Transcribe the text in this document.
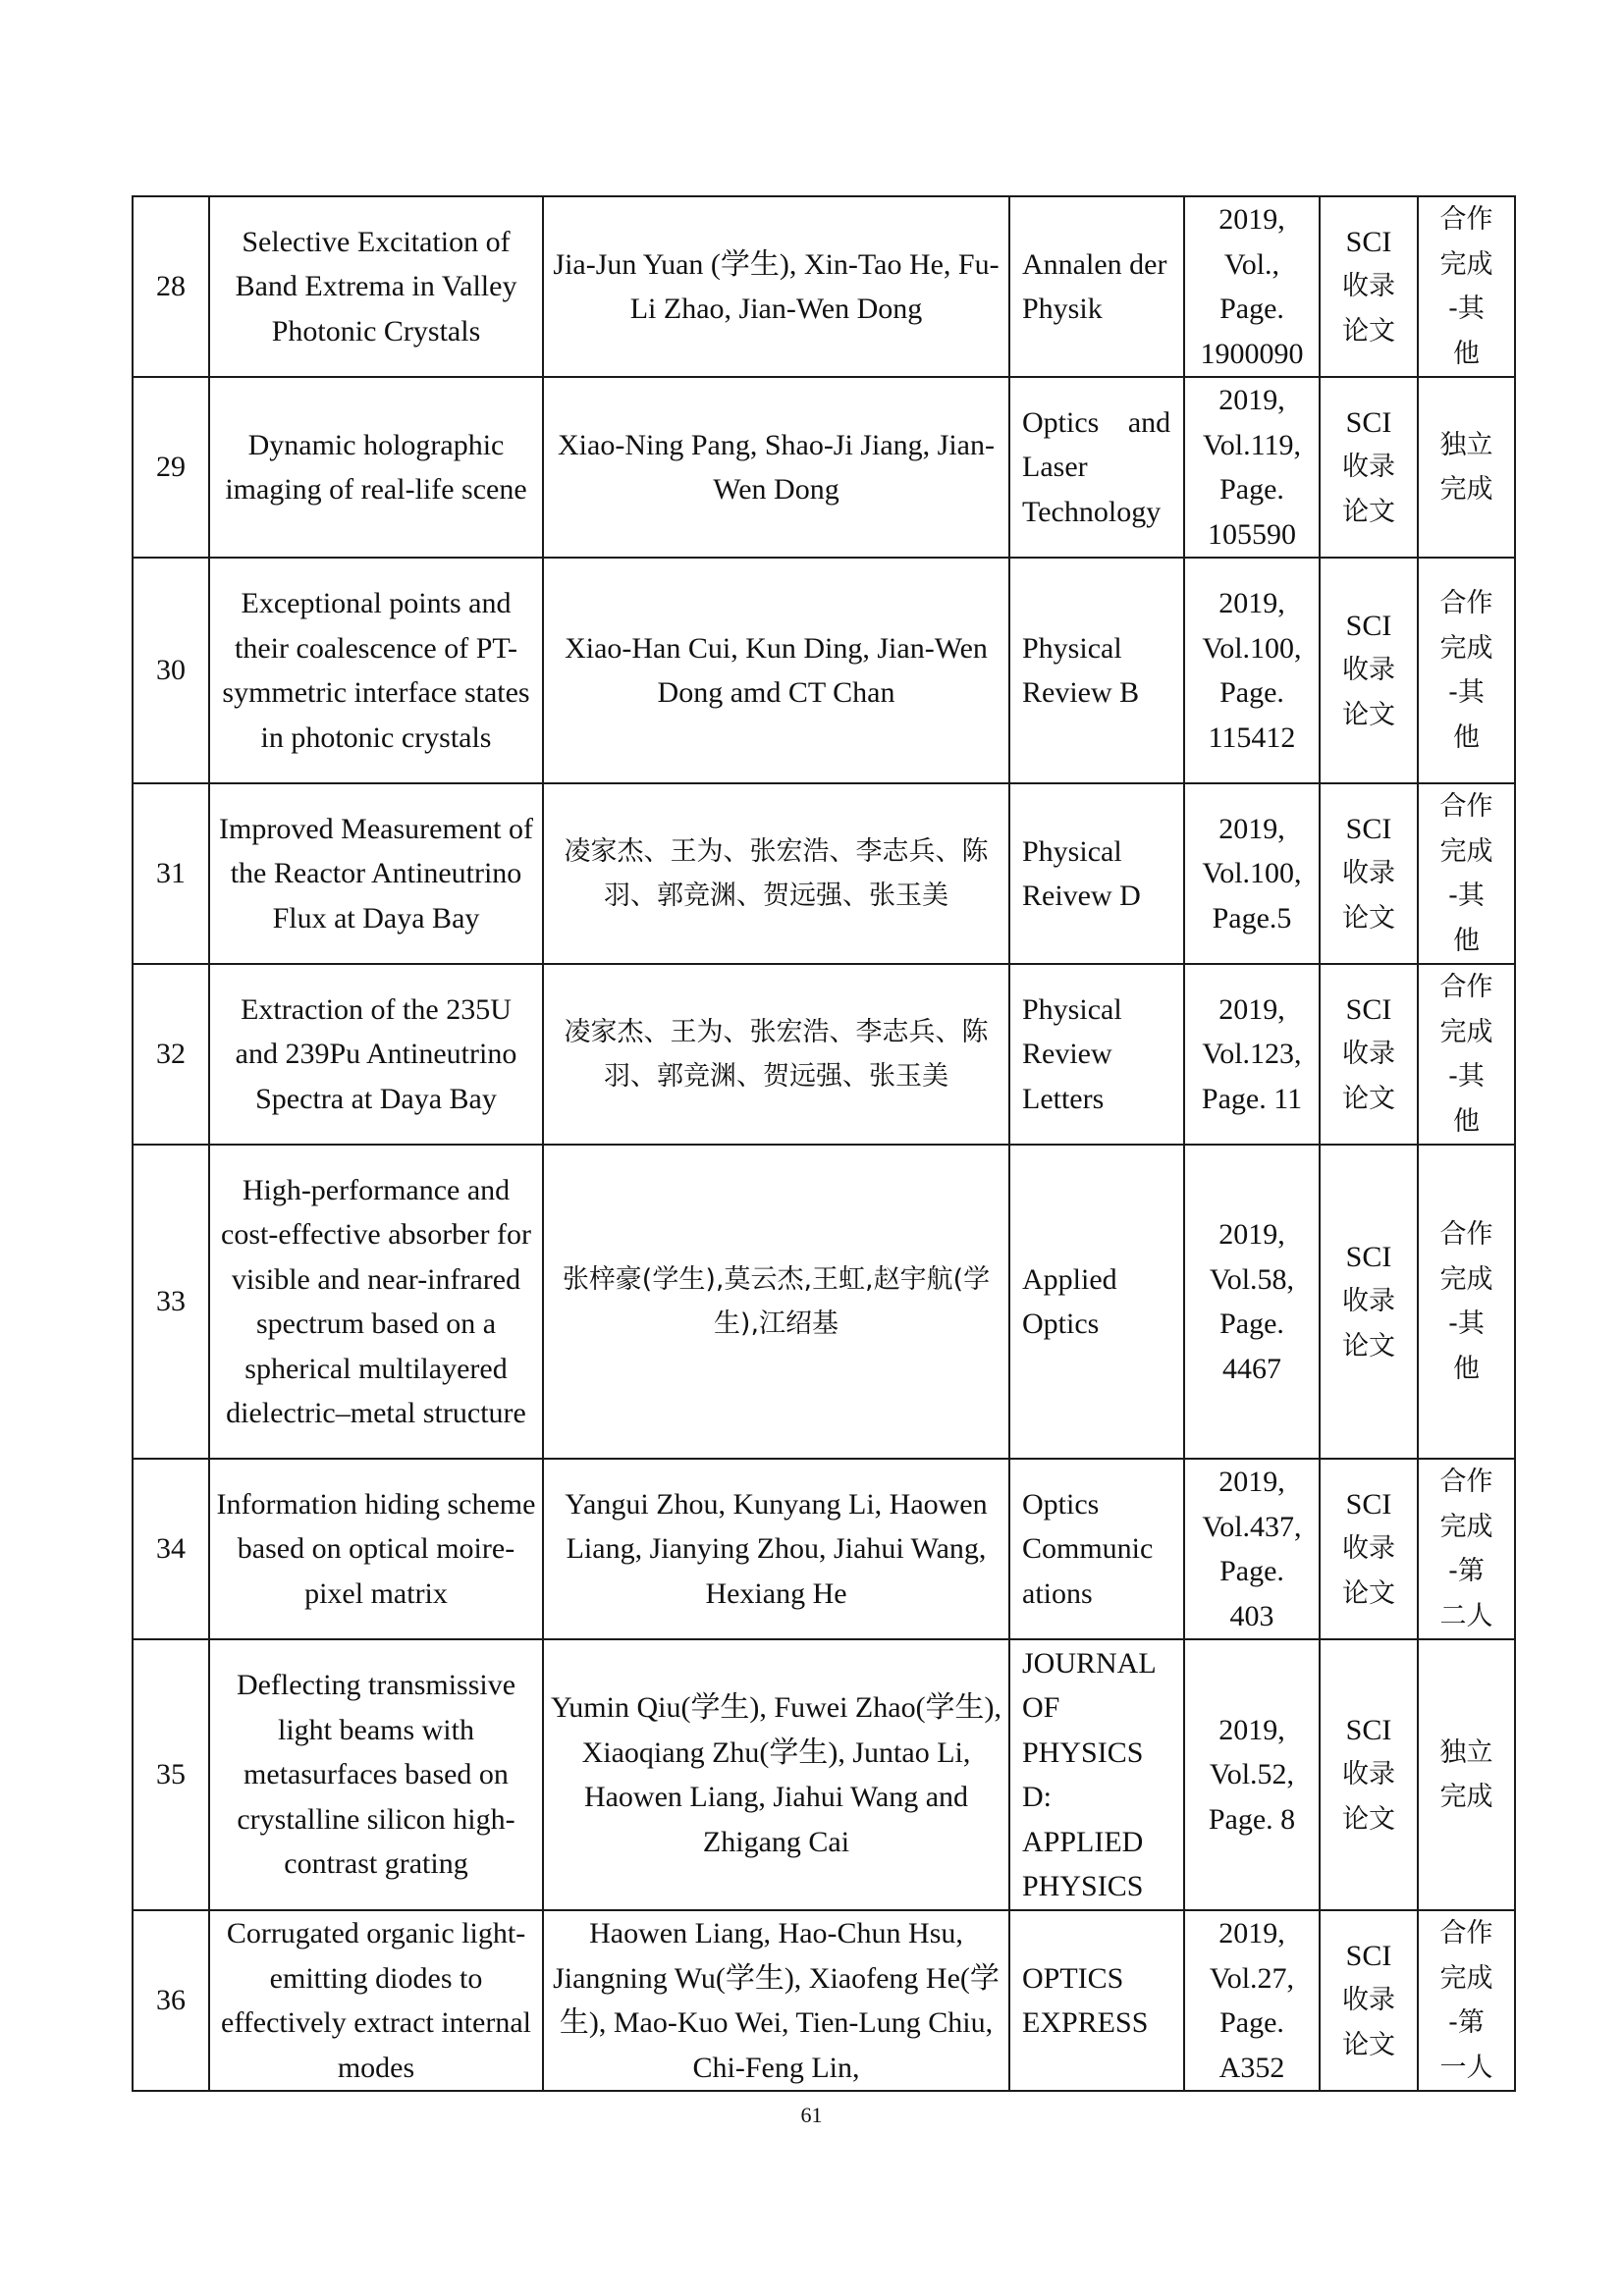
28	Selective Excitation of Band Extrema in Valley Photonic Crystals	Jia-Jun Yuan (学生), Xin-Tao He, Fu-Li Zhao, Jian-Wen Dong	Annalen der Physik	2019,
Vol.,
Page.
1900090	SCI
收录
论文	合作
完成
-其
他

29	Dynamic holographic imaging of real-life scene	Xiao-Ning Pang, Shao-Ji Jiang, Jian-Wen Dong	Optics and
Laser
Technology	2019,
Vol.119,
Page.
105590	SCI
收录
论文	独立
完成

30	Exceptional points and their coalescence of PT-symmetric interface states in photonic crystals	Xiao-Han Cui, Kun Ding, Jian-Wen Dong amd CT Chan	Physical Review B	2019,
Vol.100,
Page.
115412	SCI
收录
论文	合作
完成
-其
他

31	Improved Measurement of the Reactor Antineutrino Flux at Daya Bay	凌家杰、王为、张宏浩、李志兵、陈羽、郭竞渊、贺远强、张玉美	Physical Reivew D	2019,
Vol.100,
Page.5	SCI
收录
论文	合作
完成
-其
他

32	Extraction of the 235U and 239Pu Antineutrino Spectra at Daya Bay	凌家杰、王为、张宏浩、李志兵、陈羽、郭竞渊、贺远强、张玉美	Physical Review Letters	2019,
Vol.123,
Page. 11	SCI
收录
论文	合作
完成
-其
他

33	High-performance and cost-effective absorber for visible and near-infrared spectrum based on a spherical multilayered dielectric–metal structure	张梓豪(学生),莫云杰,王虹,赵宇航(学生),江绍基	Applied Optics	2019,
Vol.58,
Page.
4467	SCI
收录
论文	合作
完成
-其
他

34	Information hiding scheme based on optical moire-pixel matrix	Yangui Zhou, Kunyang Li, Haowen Liang, Jianying Zhou, Jiahui Wang, Hexiang He	Optics Communic ations	2019,
Vol.437,
Page.
403	SCI
收录
论文	合作
完成
-第
二人

35	Deflecting transmissive light beams with metasurfaces based on crystalline silicon high-contrast grating	Yumin Qiu(学生), Fuwei Zhao(学生), Xiaoqiang Zhu(学生), Juntao Li, Haowen Liang, Jiahui Wang and Zhigang Cai	JOURNAL OF PHYSICS D: APPLIED PHYSICS	2019,
Vol.52,
Page. 8	SCI
收录
论文	独立
完成

36	Corrugated organic light-emitting diodes to effectively extract internal modes	Haowen Liang, Hao-Chun Hsu, Jiangning Wu(学生), Xiaofeng He(学生), Mao-Kuo Wei, Tien-Lung Chiu, Chi-Feng Lin,	OPTICS EXPRESS	2019,
Vol.27,
Page.
A352	SCI
收录
论文	合作
完成
-第
一人
61
